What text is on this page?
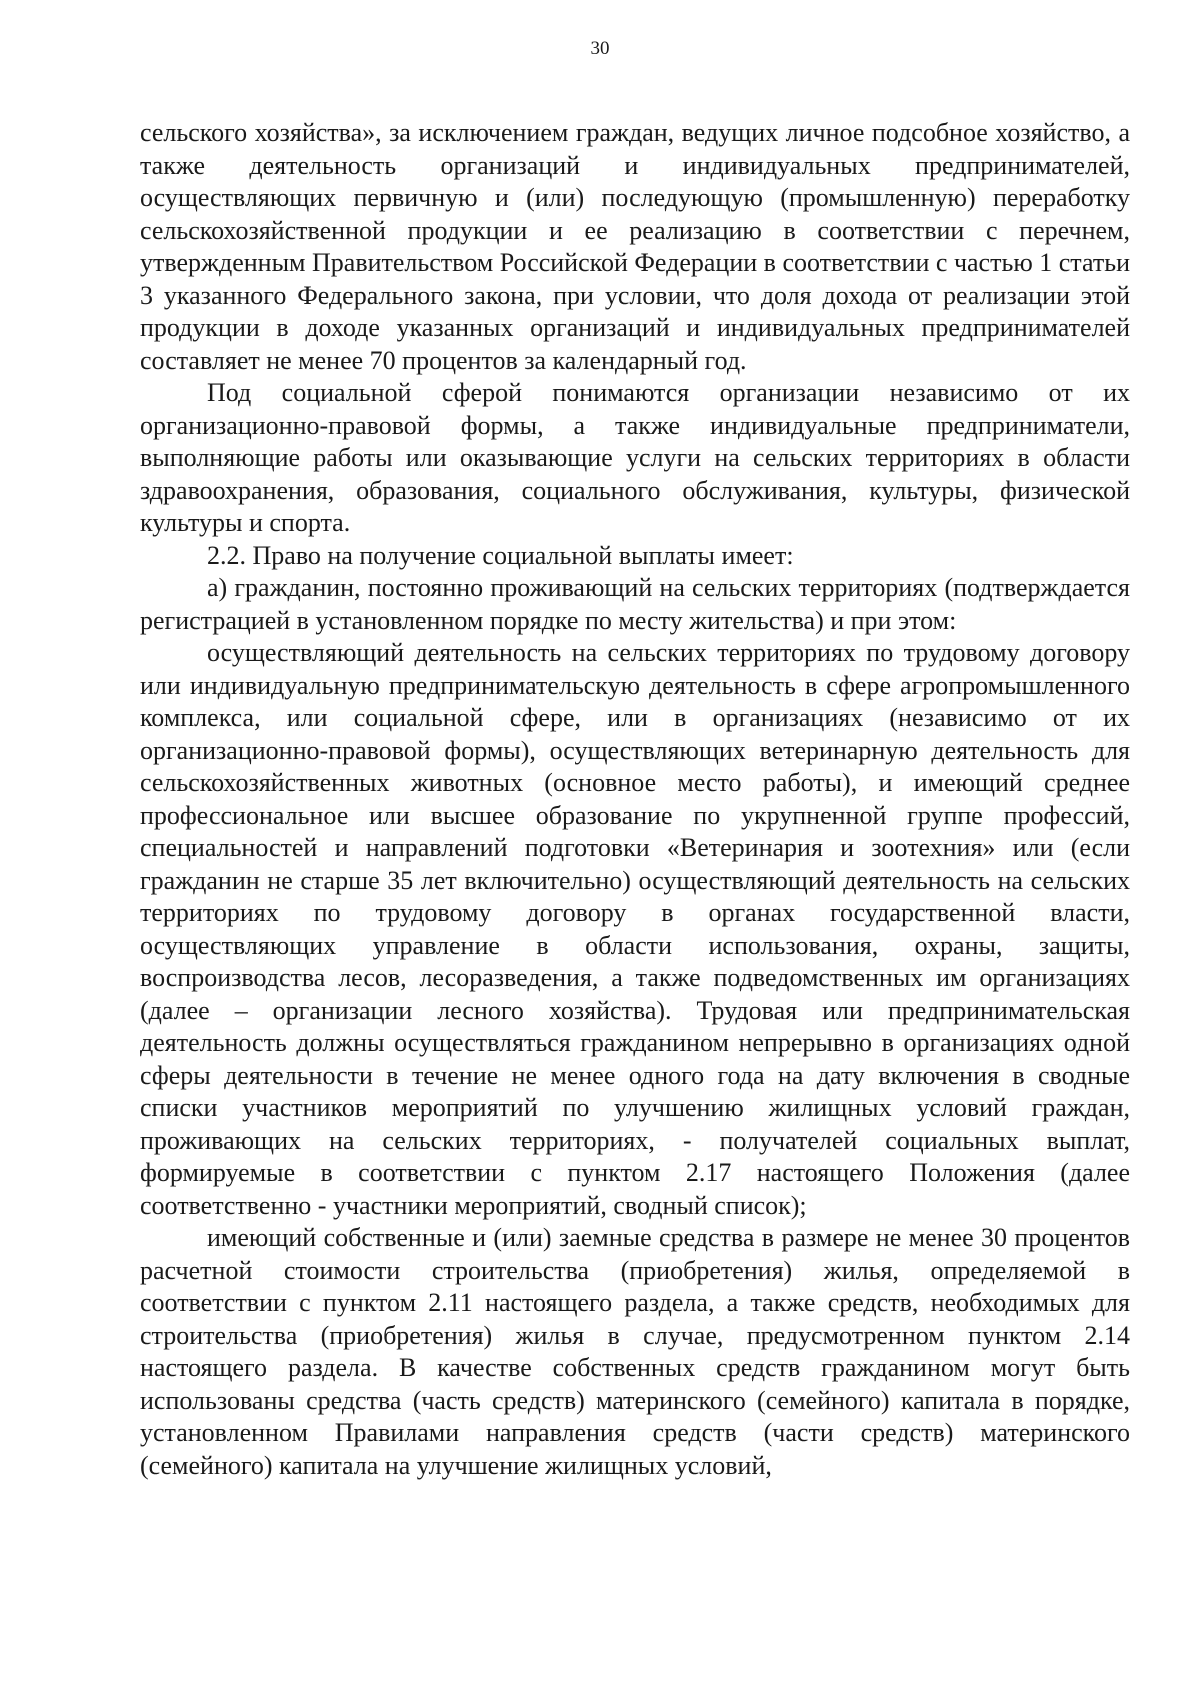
30

сельского хозяйства», за исключением граждан, ведущих личное подсобное хозяйство, а также деятельность организаций и индивидуальных предпринимателей, осуществляющих первичную и (или) последующую (промышленную) переработку сельскохозяйственной продукции и ее реализацию в соответствии с перечнем, утвержденным Правительством Российской Федерации в соответствии с частью 1 статьи 3 указанного Федерального закона, при условии, что доля дохода от реализации этой продукции в доходе указанных организаций и индивидуальных предпринимателей составляет не менее 70 процентов за календарный год.

Под социальной сферой понимаются организации независимо от их организационно-правовой формы, а также индивидуальные предприниматели, выполняющие работы или оказывающие услуги на сельских территориях в области здравоохранения, образования, социального обслуживания, культуры, физической культуры и спорта.

2.2. Право на получение социальной выплаты имеет:

а) гражданин, постоянно проживающий на сельских территориях (подтверждается регистрацией в установленном порядке по месту жительства) и при этом:

осуществляющий деятельность на сельских территориях по трудовому договору или индивидуальную предпринимательскую деятельность в сфере агропромышленного комплекса, или социальной сфере, или в организациях (независимо от их организационно-правовой формы), осуществляющих ветеринарную деятельность для сельскохозяйственных животных (основное место работы), и имеющий среднее профессиональное или высшее образование по укрупненной группе профессий, специальностей и направлений подготовки «Ветеринария и зоотехния» или (если гражданин не старше 35 лет включительно) осуществляющий деятельность на сельских территориях по трудовому договору в органах государственной власти, осуществляющих управление в области использования, охраны, защиты, воспроизводства лесов, лесоразведения, а также подведомственных им организациях (далее – организации лесного хозяйства). Трудовая или предпринимательская деятельность должны осуществляться гражданином непрерывно в организациях одной сферы деятельности в течение не менее одного года на дату включения в сводные списки участников мероприятий по улучшению жилищных условий граждан, проживающих на сельских территориях, - получателей социальных выплат, формируемые в соответствии с пунктом 2.17 настоящего Положения (далее соответственно - участники мероприятий, сводный список);

имеющий собственные и (или) заемные средства в размере не менее 30 процентов расчетной стоимости строительства (приобретения) жилья, определяемой в соответствии с пунктом 2.11 настоящего раздела, а также средств, необходимых для строительства (приобретения) жилья в случае, предусмотренном пунктом 2.14 настоящего раздела. В качестве собственных средств гражданином могут быть использованы средства (часть средств) материнского (семейного) капитала в порядке, установленном Правилами направления средств (части средств) материнского (семейного) капитала на улучшение жилищных условий,
